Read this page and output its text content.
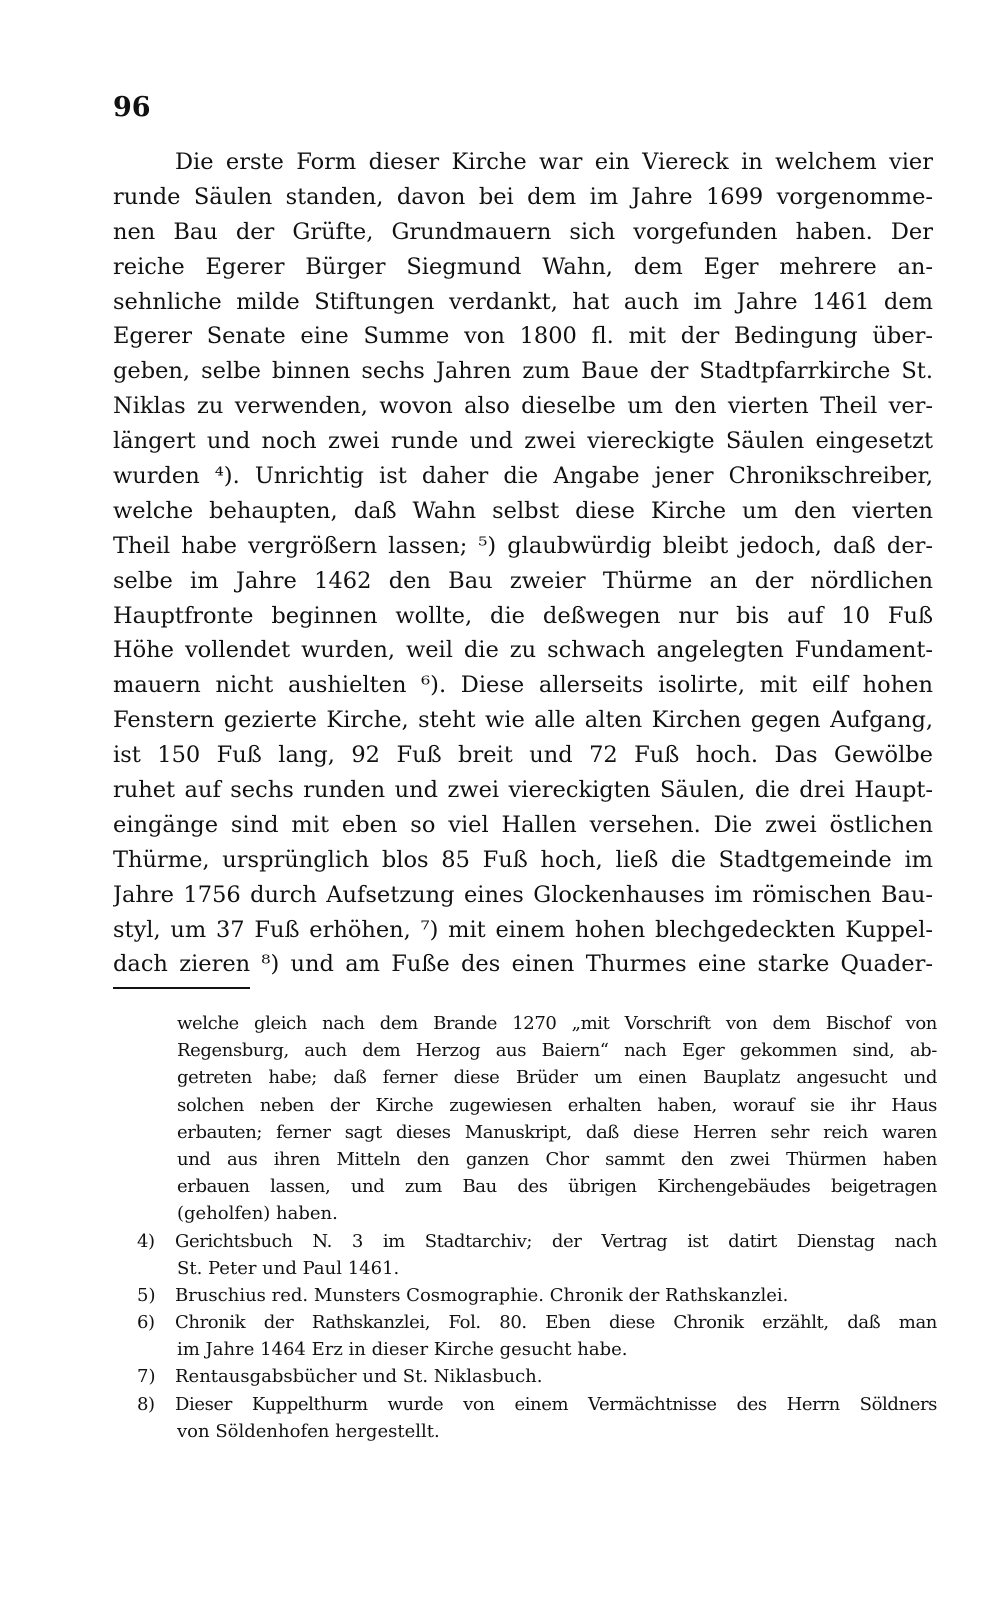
96
Die erste Form dieser Kirche war ein Viereck in welchem vier
runde Säulen standen, davon bei dem im Jahre 1699 vorgenomme-
nen Bau der Grüfte, Grundmauern sich vorgefunden haben. Der
reiche Egerer Bürger Siegmund Wahn, dem Eger mehrere an-
sehnliche milde Stiftungen verdankt, hat auch im Jahre 1461 dem
Egerer Senate eine Summe von 1800 fl. mit der Bedingung über-
geben, selbe binnen sechs Jahren zum Baue der Stadtpfarrkirche St.
Niklas zu verwenden, wovon also dieselbe um den vierten Theil ver-
längert und noch zwei runde und zwei viereckigte Säulen eingesetzt
wurden ⁴). Unrichtig ist daher die Angabe jener Chronikschreiber,
welche behaupten, daß Wahn selbst diese Kirche um den vierten
Theil habe vergrößern lassen; ⁵) glaubwürdig bleibt jedoch, daß der-
selbe im Jahre 1462 den Bau zweier Thürme an der nördlichen
Hauptfronte beginnen wollte, die deßwegen nur bis auf 10 Fuß
Höhe vollendet wurden, weil die zu schwach angelegten Fundament-
mauern nicht aushielten ⁶). Diese allerseits isolirte, mit eilf hohen
Fenstern gezierte Kirche, steht wie alle alten Kirchen gegen Aufgang,
ist 150 Fuß lang, 92 Fuß breit und 72 Fuß hoch. Das Gewölbe
ruhet auf sechs runden und zwei viereckigten Säulen, die drei Haupt-
eingänge sind mit eben so viel Hallen versehen. Die zwei östlichen
Thürme, ursprünglich blos 85 Fuß hoch, ließ die Stadtgemeinde im
Jahre 1756 durch Aufsetzung eines Glockenhauses im römischen Bau-
styl, um 37 Fuß erhöhen, ⁷) mit einem hohen blechgedeckten Kuppel-
dach zieren ⁸) und am Fuße des einen Thurmes eine starke Quader-
welche gleich nach dem Brande 1270 „mit Vorschrift von dem Bischof von
Regensburg, auch dem Herzog aus Baiern“ nach Eger gekommen sind, ab-
getreten habe; daß ferner diese Brüder um einen Bauplatz angesucht und
solchen neben der Kirche zugewiesen erhalten haben, worauf sie ihr Haus
erbauten; ferner sagt dieses Manuskript, daß diese Herren sehr reich waren
und aus ihren Mitteln den ganzen Chor sammt den zwei Thürmen haben
erbauen lassen, und zum Bau des übrigen Kirchengebäudes beigetragen
(geholfen) haben.
4) Gerichtsbuch N. 3 im Stadtarchiv; der Vertrag ist datirt Dienstag nach
St. Peter und Paul 1461.
5) Bruschius red. Munsters Cosmographie. Chronik der Rathskanzlei.
6) Chronik der Rathskanzlei, Fol. 80. Eben diese Chronik erzählt, daß man
im Jahre 1464 Erz in dieser Kirche gesucht habe.
7) Rentausgabsbücher und St. Niklasbuch.
8) Dieser Kuppelthurm wurde von einem Vermächtnisse des Herrn Söldners
von Söldenhofen hergestellt.
